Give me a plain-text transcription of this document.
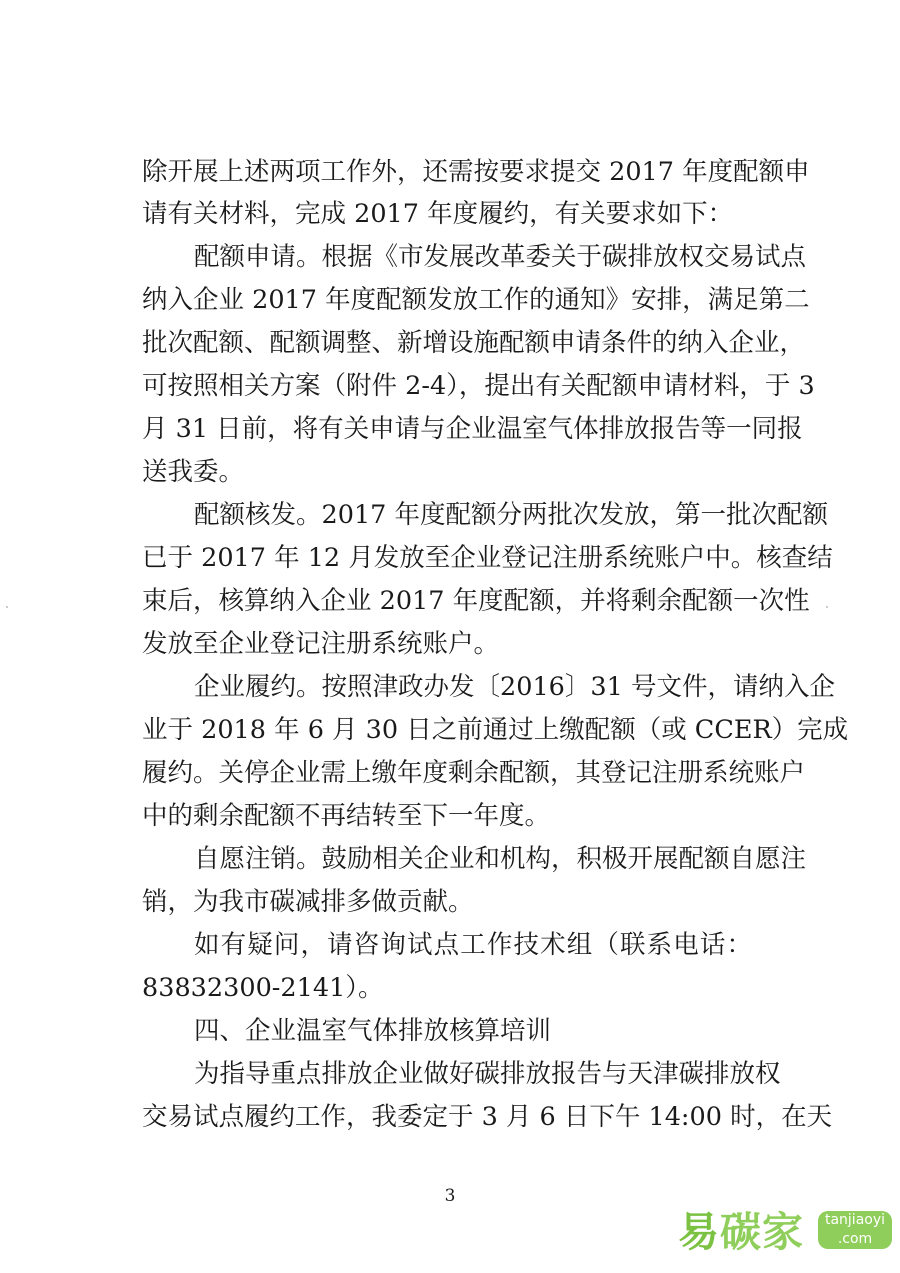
除开展上述两项工作外，还需按要求提交 2017 年度配额申
请有关材料，完成 2017 年度履约，有关要求如下：
配额申请。根据《市发展改革委关于碳排放权交易试点
纳入企业 2017 年度配额发放工作的通知》安排，满足第二
批次配额、配额调整、新增设施配额申请条件的纳入企业，
可按照相关方案（附件 2-4），提出有关配额申请材料，于 3
月 31 日前，将有关申请与企业温室气体排放报告等一同报
送我委。
配额核发。2017 年度配额分两批次发放，第一批次配额
已于 2017 年 12 月发放至企业登记注册系统账户中。核查结
束后，核算纳入企业 2017 年度配额，并将剩余配额一次性
发放至企业登记注册系统账户。
企业履约。按照津政办发〔2016〕31 号文件，请纳入企
业于 2018 年 6 月 30 日之前通过上缴配额（或 CCER）完成
履约。关停企业需上缴年度剩余配额，其登记注册系统账户
中的剩余配额不再结转至下一年度。
自愿注销。鼓励相关企业和机构，积极开展配额自愿注
销，为我市碳减排多做贡献。
如有疑问，请咨询试点工作技术组（联系电话：
83832300-2141）。
四、企业温室气体排放核算培训
为指导重点排放企业做好碳排放报告与天津碳排放权
交易试点履约工作，我委定于 3 月 6 日下午 14:00 时，在天
3
易碳家	tanjiaoyi
.com
